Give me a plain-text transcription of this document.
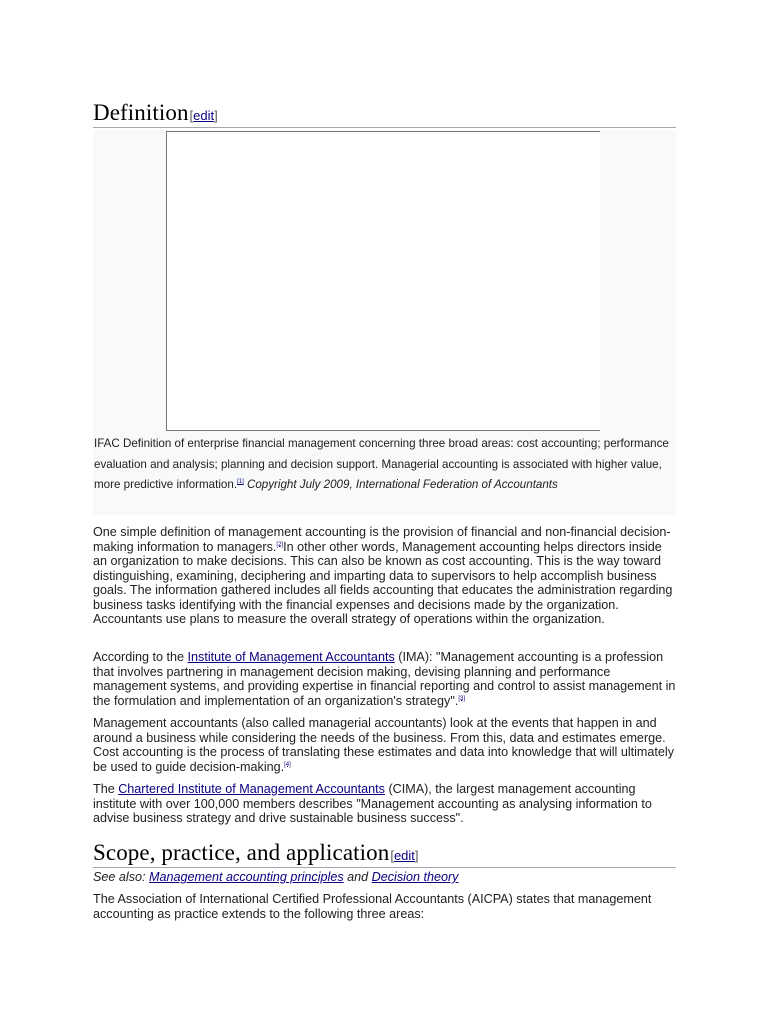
Definition[edit]
IFAC Definition of enterprise financial management concerning three broad areas: cost accounting; performance evaluation and analysis; planning and decision support. Managerial accounting is associated with higher value, more predictive information.[1] Copyright July 2009, International Federation of Accountants

One simple definition of management accounting is the provision of financial and non-financial decision-making information to managers.[2]In other other words, Management accounting helps directors inside an organization to make decisions. This can also be known as cost accounting. This is the way toward distinguishing, examining, deciphering and imparting data to supervisors to help accomplish business goals. The information gathered includes all fields accounting that educates the administration regarding business tasks identifying with the financial expenses and decisions made by the organization. Accountants use plans to measure the overall strategy of operations within the organization.

According to the Institute of Management Accountants (IMA): "Management accounting is a profession that involves partnering in management decision making, devising planning and performance management systems, and providing expertise in financial reporting and control to assist management in the formulation and implementation of an organization's strategy".[3]

Management accountants (also called managerial accountants) look at the events that happen in and around a business while considering the needs of the business. From this, data and estimates emerge. Cost accounting is the process of translating these estimates and data into knowledge that will ultimately be used to guide decision-making.[4]

The Chartered Institute of Management Accountants (CIMA), the largest management accounting institute with over 100,000 members describes "Management accounting as analysing information to advise business strategy and drive sustainable business success".

Scope, practice, and application[edit]
See also: Management accounting principles and Decision theory

The Association of International Certified Professional Accountants (AICPA) states that management accounting as practice extends to the following three areas:
